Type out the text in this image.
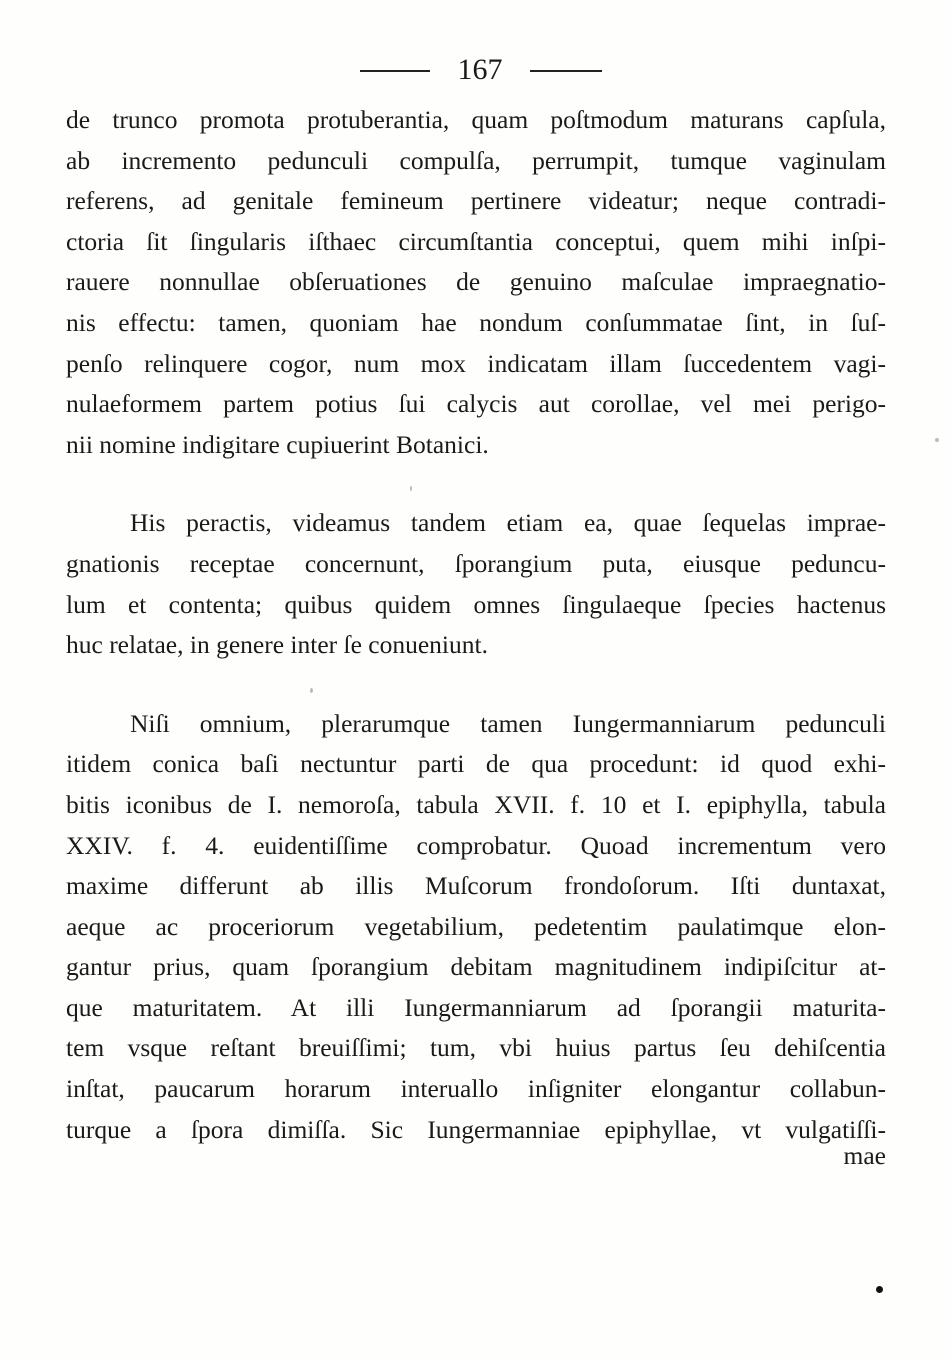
167
de trunco promota protuberantia, quam poſtmodum maturans capſula,
ab incremento pedunculi compulſa, perrumpit, tumque vaginulam
referens, ad genitale femineum pertinere videatur; neque contradi-
ctoria ſit ſingularis iſthaec circumſtantia conceptui, quem mihi inſpi-
rauere nonnullae obſeruationes de genuino maſculae impraegnatio-
nis effectu: tamen, quoniam hae nondum conſummatae ſint, in ſuſ-
penſo relinquere cogor, num mox indicatam illam ſuccedentem vagi-
nulaeformem partem potius ſui calycis aut corollae, vel mei perigo-
nii nomine indigitare cupiuerint Botanici.
His peractis, videamus tandem etiam ea, quae ſequelas imprae-
gnationis receptae concernunt, ſporangium puta, eiusque peduncu-
lum et contenta; quibus quidem omnes ſingulaeque ſpecies hactenus
huc relatae, in genere inter ſe conueniunt.
Niſi omnium, plerarumque tamen Iungermanniarum pedunculi
itidem conica baſi nectuntur parti de qua procedunt: id quod exhi-
bitis iconibus de I. nemoroſa, tabula XVII. f. 10 et I. epiphylla, tabula
XXIV. f. 4. euidentiſſime comprobatur. Quoad incrementum vero
maxime differunt ab illis Muſcorum frondoſorum. Iſti duntaxat,
aeque ac proceriorum vegetabilium, pedetentim paulatimque elon-
gantur prius, quam ſporangium debitam magnitudinem indipiſcitur at-
que maturitatem. At illi Iungermanniarum ad ſporangii maturita-
tem vsque reſtant breuiſſimi; tum, vbi huius partus ſeu dehiſcentia
inſtat, paucarum horarum interuallo inſigniter elongantur collabun-
turque a ſpora dimiſſa. Sic Iungermanniae epiphyllae, vt vulgatiſſi-
mae
